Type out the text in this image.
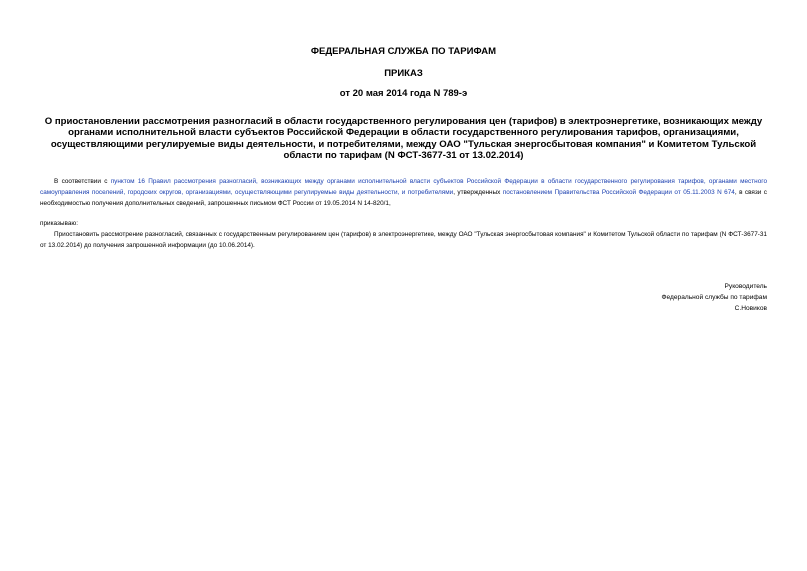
ФЕДЕРАЛЬНАЯ СЛУЖБА ПО ТАРИФАМ
ПРИКАЗ
от 20 мая 2014 года N 789-э
О приостановлении рассмотрения разногласий в области государственного регулирования цен (тарифов) в электроэнергетике, возникающих между органами исполнительной власти субъектов Российской Федерации в области государственного регулирования тарифов, организациями, осуществляющими регулируемые виды деятельности, и потребителями, между ОАО "Тульская энергосбытовая компания" и Комитетом Тульской области по тарифам (N ФСТ-3677-31 от 13.02.2014)
В соответствии с пунктом 16 Правил рассмотрения разногласий, возникающих между органами исполнительной власти субъектов Российской Федерации в области государственного регулирования тарифов, органами местного самоуправления поселений, городских округов, организациями, осуществляющими регулируемые виды деятельности, и потребителями, утвержденных постановлением Правительства Российской Федерации от 05.11.2003 N 674, в связи с необходимостью получения дополнительных сведений, запрошенных письмом ФСТ России от 19.05.2014 N 14-820/1,
приказываю:
Приостановить рассмотрение разногласий, связанных с государственным регулированием цен (тарифов) в электроэнергетике, между ОАО "Тульская энергосбытовая компания" и Комитетом Тульской области по тарифам (N ФСТ-3677-31 от 13.02.2014) до получения запрошенной информации (до 10.06.2014).
Руководитель
Федеральной службы по тарифам
С.Новиков
